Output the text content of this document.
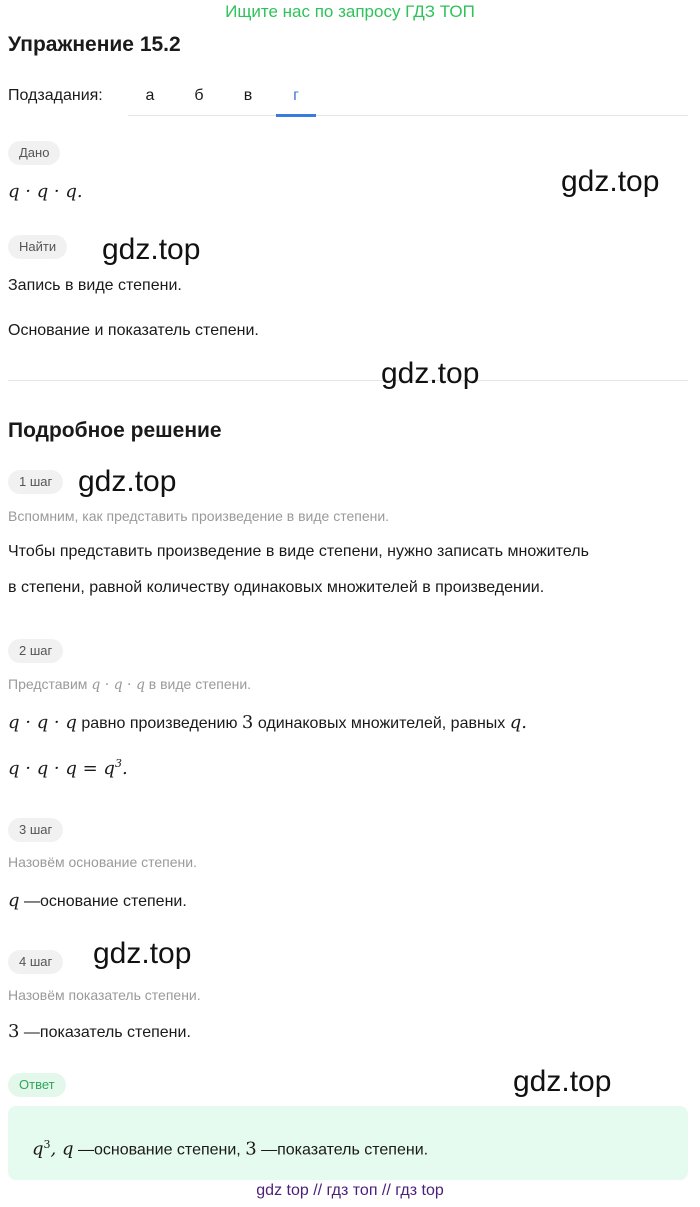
Ищите нас по запросу ГДЗ ТОП
Упражнение 15.2
Подзадания:	а	б	в	г
Дано
q · q · q.
Найти
Запись в виде степени.
Основание и показатель степени.
Подробное решение
1 шаг
Вспомним, как представить произведение в виде степени.
Чтобы представить произведение в виде степени, нужно записать множитель
в степени, равной количеству одинаковых множителей в произведении.
2 шаг
Представим q · q · q в виде степени.
q · q · q равно произведению 3 одинаковых множителей, равных q.
$q \cdot q \cdot q = q^3$.
3 шаг
Назовём основание степени.
q —основание степени.
4 шаг
Назовём показатель степени.
3 —показатель степени.
Ответ
$q^3$, q —основание степени, 3 —показатель степени.
gdz.top
gdz.top
gdz.top
gdz.top
gdz.top
gdz.top
gdz top // гдз топ // гдз top
